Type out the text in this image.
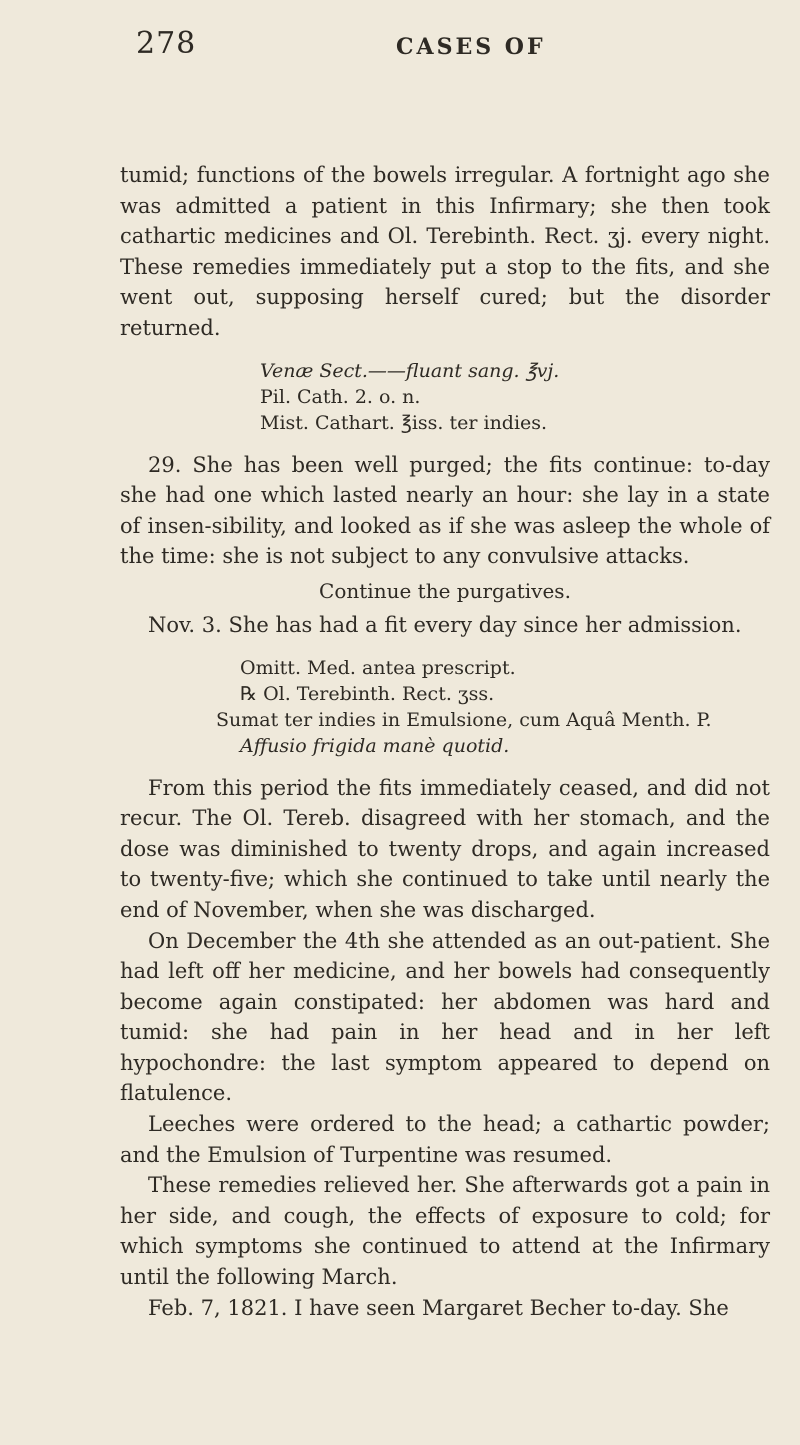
278	CASES OF

tumid; functions of the bowels irregular. A fortnight ago she was admitted a patient in this Infirmary; she then took cathartic medicines and Ol. Terebinth. Rect. ʒj. every night. These remedies immediately put a stop to the fits, and she went out, supposing herself cured; but the disorder returned.

Venæ Sect.——fluant sang. ℥vj.
Pil. Cath. 2. o. n.
Mist. Cathart. ℥iss. ter indies.

29. She has been well purged; the fits continue: to-day she had one which lasted nearly an hour: she lay in a state of insen-sibility, and looked as if she was asleep the whole of the time: she is not subject to any convulsive attacks.

Continue the purgatives.

Nov. 3. She has had a fit every day since her admission.

Omitt. Med. antea prescript.
℞ Ol. Terebinth. Rect. ʒss.
Sumat ter indies in Emulsione, cum Aquâ Menth. P.
Affusio frigida manè quotid.

From this period the fits immediately ceased, and did not recur. The Ol. Tereb. disagreed with her stomach, and the dose was diminished to twenty drops, and again increased to twenty-five; which she continued to take until nearly the end of November, when she was discharged.

On December the 4th she attended as an out-patient. She had left off her medicine, and her bowels had consequently become again constipated: her abdomen was hard and tumid: she had pain in her head and in her left hypochondre: the last symptom appeared to depend on flatulence.

Leeches were ordered to the head; a cathartic powder; and the Emulsion of Turpentine was resumed.

These remedies relieved her. She afterwards got a pain in her side, and cough, the effects of exposure to cold; for which symptoms she continued to attend at the Infirmary until the following March.

Feb. 7, 1821. I have seen Margaret Becher to-day. She
